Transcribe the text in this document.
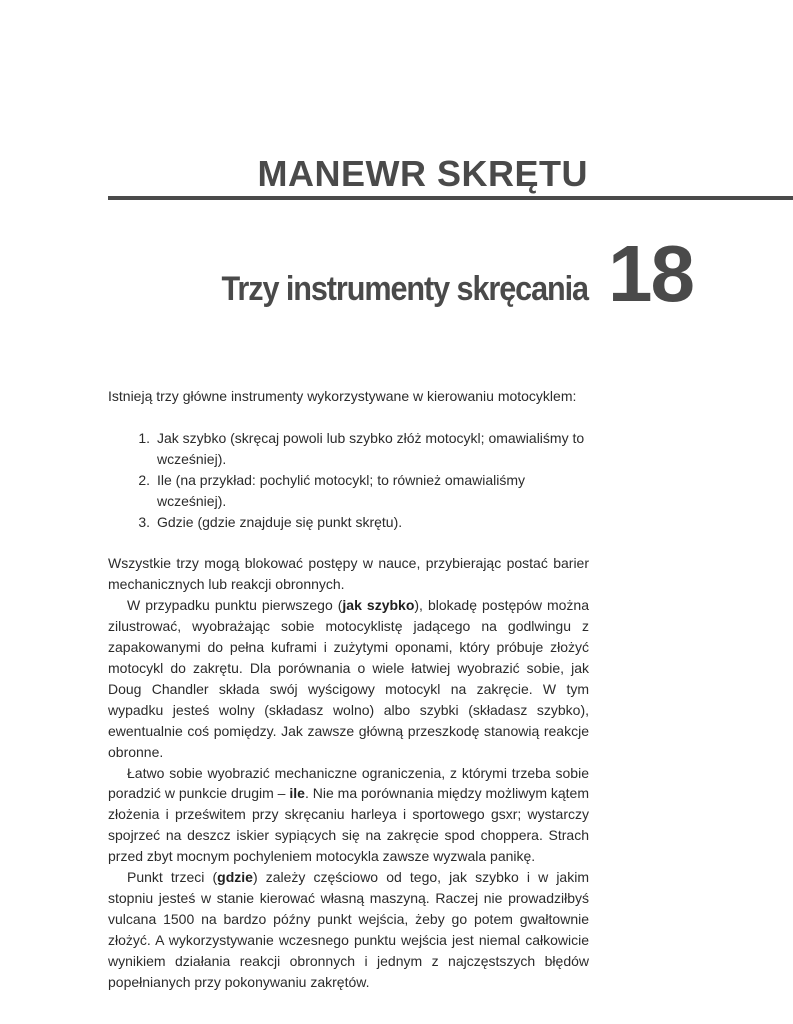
MANEWR SKRĘTU
Trzy instrumenty skręcania 18

Istnieją trzy główne instrumenty wykorzystywane w kierowaniu motocyklem:

1. Jak szybko (skręcaj powoli lub szybko złóż motocykl; omawialiśmy to wcześniej).
2. Ile (na przykład: pochylić motocykl; to również omawialiśmy wcześniej).
3. Gdzie (gdzie znajduje się punkt skrętu).

Wszystkie trzy mogą blokować postępy w nauce, przybierając postać barier mechanicznych lub reakcji obronnych.

W przypadku punktu pierwszego (jak szybko), blokadę postępów można zilustrować, wyobrażając sobie motocyklistę jadącego na godlwingu z zapakowanymi do pełna kuframi i zużytymi oponami, który próbuje złożyć motocykl do zakrętu. Dla porównania o wiele łatwiej wyobrazić sobie, jak Doug Chandler składa swój wyścigowy motocykl na zakręcie. W tym wypadku jesteś wolny (składasz wolno) albo szybki (składasz szybko), ewentualnie coś pomiędzy. Jak zawsze główną przeszkodę stanowią reakcje obronne.

Łatwo sobie wyobrazić mechaniczne ograniczenia, z którymi trzeba sobie poradzić w punkcie drugim – ile. Nie ma porównania między możliwym kątem złożenia i prześwitem przy skręcaniu harleya i sportowego gsxr; wystarczy spojrzeć na deszcz iskier sypiących się na zakręcie spod choppera. Strach przed zbyt mocnym pochyleniem motocykla zawsze wyzwala panikę.

Punkt trzeci (gdzie) zależy częściowo od tego, jak szybko i w jakim stopniu jesteś w stanie kierować własną maszyną. Raczej nie prowadziłbyś vulcana 1500 na bardzo późny punkt wejścia, żeby go potem gwałtownie złożyć. A wykorzystywanie wczesnego punktu wejścia jest niemal całkowicie wynikiem działania reakcji obronnych i jednym z najczęstszych błędów popełnianych przy pokonywaniu zakrętów.
